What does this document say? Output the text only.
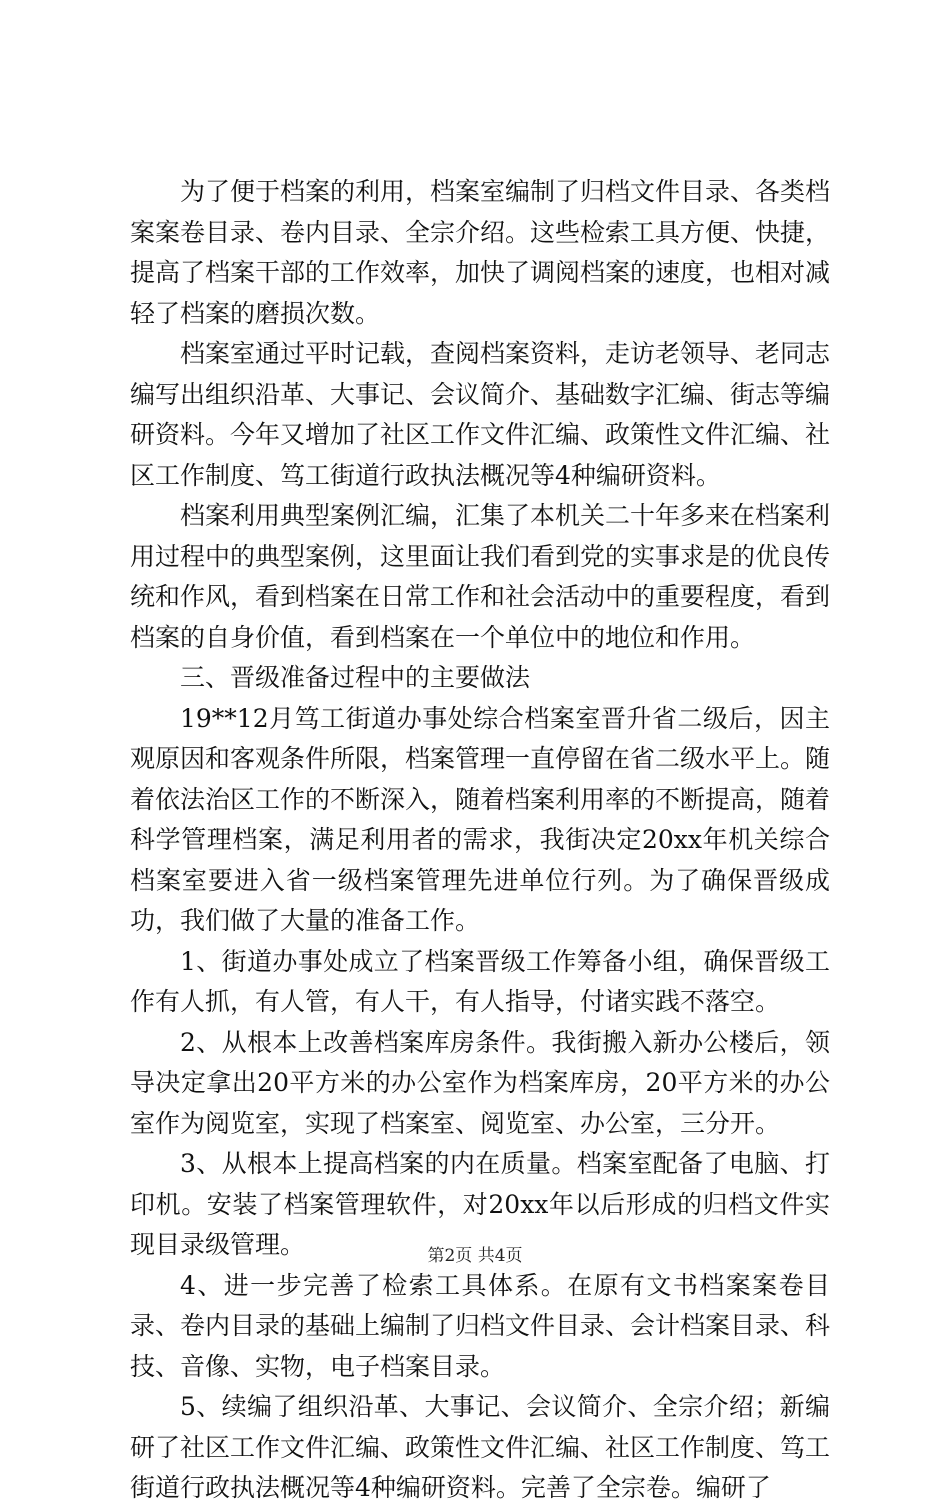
为了便于档案的利用，档案室编制了归档文件目录、各类档案案卷目录、卷内目录、全宗介绍。这些检索工具方便、快捷，提高了档案干部的工作效率，加快了调阅档案的速度，也相对减轻了档案的磨损次数。

档案室通过平时记载，查阅档案资料，走访老领导、老同志编写出组织沿革、大事记、会议简介、基础数字汇编、街志等编研资料。今年又增加了社区工作文件汇编、政策性文件汇编、社区工作制度、笃工街道行政执法概况等4种编研资料。

档案利用典型案例汇编，汇集了本机关二十年多来在档案利用过程中的典型案例，这里面让我们看到党的实事求是的优良传统和作风，看到档案在日常工作和社会活动中的重要程度，看到档案的自身价值，看到档案在一个单位中的地位和作用。

三、晋级准备过程中的主要做法

19**12月笃工街道办事处综合档案室晋升省二级后，因主观原因和客观条件所限，档案管理一直停留在省二级水平上。随着依法治区工作的不断深入，随着档案利用率的不断提高，随着科学管理档案，满足利用者的需求，我街决定20xx年机关综合档案室要进入省一级档案管理先进单位行列。为了确保晋级成功，我们做了大量的准备工作。

1、街道办事处成立了档案晋级工作筹备小组，确保晋级工作有人抓，有人管，有人干，有人指导，付诸实践不落空。

2、从根本上改善档案库房条件。我街搬入新办公楼后，领导决定拿出20平方米的办公室作为档案库房，20平方米的办公室作为阅览室，实现了档案室、阅览室、办公室，三分开。

3、从根本上提高档案的内在质量。档案室配备了电脑、打印机。安装了档案管理软件，对20xx年以后形成的归档文件实现目录级管理。

4、进一步完善了检索工具体系。在原有文书档案案卷目录、卷内目录的基础上编制了归档文件目录、会计档案目录、科技、音像、实物，电子档案目录。

5、续编了组织沿革、大事记、会议简介、全宗介绍；新编研了社区工作文件汇编、政策性文件汇编、社区工作制度、笃工街道行政执法概况等4种编研资料。完善了全宗卷。编研了

第2页 共4页
